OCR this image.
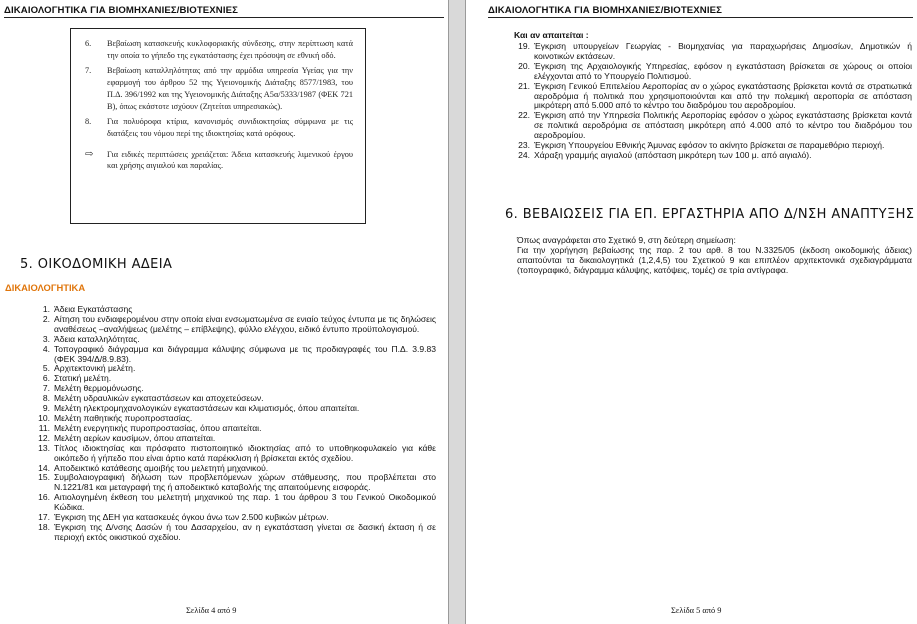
ΔΙΚΑΙΟΛΟΓΗΤΙΚΑ ΓΙΑ ΒΙΟΜΗΧΑΝΙΕΣ/ΒΙΟΤΕΧΝΙΕΣ
6.	Βεβαίωση κατασκευής κυκλοφοριακής σύνδεσης, στην περίπτωση κατά την οποία το γήπεδο της εγκατάστασης έχει πρόσοψη σε εθνική οδό.
7.	Βεβαίωση καταλληλότητας από την αρμόδια υπηρεσία Υγείας για την εφαρμογή του άρθρου 52 της Υγειονομικής Διάταξης 8577/1983, του Π.Δ. 396/1992 και της Υγειονομικής Διάταξης Α5α/5333/1987 (ΦΕΚ 721 Β), όπως εκάστοτε ισχύουν (Ζητείται υπηρεσιακώς).
8.	Για πολυόροφα κτίρια, κανονισμός συνιδιοκτησίας σύμφωνα με τις διατάξεις του νόμου περί της ιδιοκτησίας κατά ορόφους.
⇨	Για ειδικές περιπτώσεις χρειάζεται: Άδεια κατασκευής λιμενικού έργου και χρήσης αιγιαλού και παραλίας.
5. ΟΙΚΟΔΟΜΙΚΗ ΑΔΕΙΑ
ΔΙΚΑΙΟΛΟΓΗΤΙΚΑ
1. Άδεια Εγκατάστασης
2. Αίτηση του ενδιαφερομένου στην οποία είναι ενσωματωμένα σε ενιαίο τεύχος έντυπα με τις δηλώσεις αναθέσεως –αναλήψεως (μελέτης – επίβλεψης), φύλλο ελέγχου, ειδικό έντυπο προϋπολογισμού.
3. Άδεια καταλληλότητας.
4. Τοπογραφικό διάγραμμα και διάγραμμα κάλυψης σύμφωνα με τις προδιαγραφές του Π.Δ. 3.9.83 (ΦΕΚ 394/Δ/8.9.83).
5. Αρχιτεκτονική μελέτη.
6. Στατική μελέτη.
7. Μελέτη θερμομόνωσης.
8. Μελέτη υδραυλικών εγκαταστάσεων και αποχετεύσεων.
9. Μελέτη ηλεκτρομηχανολογικών εγκαταστάσεων και κλιματισμός, όπου απαιτείται.
10. Μελέτη παθητικής πυροπροστασίας.
11. Μελέτη ενεργητικής πυροπροστασίας, όπου απαιτείται.
12. Μελέτη αερίων καυσίμων, όπου απαιτείται.
13. Τίτλος ιδιοκτησίας και πρόσφατο πιστοποιητικό ιδιοκτησίας από το υποθηκοφυλακείο για κάθε οικόπεδο ή γήπεδο που είναι άρτιο κατά παρέκκλιση ή βρίσκεται εκτός σχεδίου.
14. Αποδεικτικό κατάθεσης αμοιβής του μελετητή μηχανικού.
15. Συμβολαιογραφική δήλωση των προβλεπόμενων χώρων στάθμευσης, που προβλέπεται στο Ν.1221/81 και μεταγραφή της ή αποδεικτικό καταβολής της απαιτούμενης εισφοράς.
16. Αιτιολογημένη έκθεση του μελετητή μηχανικού της παρ. 1 του άρθρου 3 του Γενικού Οικοδομικού Κώδικα.
17. Έγκριση της ΔΕΗ για κατασκευές όγκου άνω των 2.500 κυβικών μέτρων.
18. Έγκριση της Δ/νσης Δασών ή του Δασαρχείου, αν η εγκατάσταση γίνεται σε δασική έκταση ή σε περιοχή εκτός οικιστικού σχεδίου.
Σελίδα 4 από 9
ΔΙΚΑΙΟΛΟΓΗΤΙΚΑ ΓΙΑ ΒΙΟΜΗΧΑΝΙΕΣ/ΒΙΟΤΕΧΝΙΕΣ
Σελίδα 5 από 9
Και αν απαιτείται :
19. Έγκριση υπουργείων Γεωργίας - Βιομηχανίας για παραχωρήσεις Δημοσίων, Δημοτικών ή κοινοτικών εκτάσεων.
20. Έγκριση της Αρχαιολογικής Υπηρεσίας, εφόσον η εγκατάσταση βρίσκεται σε χώρους οι οποίοι ελέγχονται από το Υπουργείο Πολιτισμού.
21. Έγκριση Γενικού Επιτελείου Αεροπορίας αν ο χώρος εγκατάστασης βρίσκεται κοντά σε στρατιωτικά αεροδρόμια ή πολιτικά που χρησιμοποιούνται και από την πολεμική αεροπορία σε απόσταση μικρότερη από 5.000 από το κέντρο του διαδρόμου του αεροδρομίου.
22. Έγκριση από την Υπηρεσία Πολιτικής Αεροπορίας εφόσον ο χώρος εγκατάστασης βρίσκεται κοντά σε πολιτικά αεροδρόμια σε απόσταση μικρότερη από 4.000 από το κέντρο του διαδρόμου του αεροδρομίου.
23. Έγκριση Υπουργείου Εθνικής Άμυνας εφόσον το ακίνητο βρίσκεται σε παραμεθόριο περιοχή.
24. Χάραξη γραμμής αιγιαλού (απόσταση μικρότερη των 100 μ. από αιγιαλό).
6. ΒΕΒΑΙΩΣΕΙΣ ΓΙΑ ΕΠ. ΕΡΓΑΣΤΗΡΙΑ ΑΠΟ Δ/ΝΣΗ ΑΝΑΠΤΥΞΗΣ

Όπως αναγράφεται στο Σχετικό 9, στη δεύτερη σημείωση:

Για την χορήγηση βεβαίωσης της παρ. 2 του αρθ. 8 του Ν.3325/05 (έκδοση οικοδομικής άδειας) απαιτούνται τα δικαιολογητικά (1,2,4,5) του Σχετικού 9 και επιπλέον αρχιτεκτονικά σχεδιαγράμματα (τοπογραφικό, διάγραμμα κάλυψης, κατόψεις, τομές) σε τρία αντίγραφα.
